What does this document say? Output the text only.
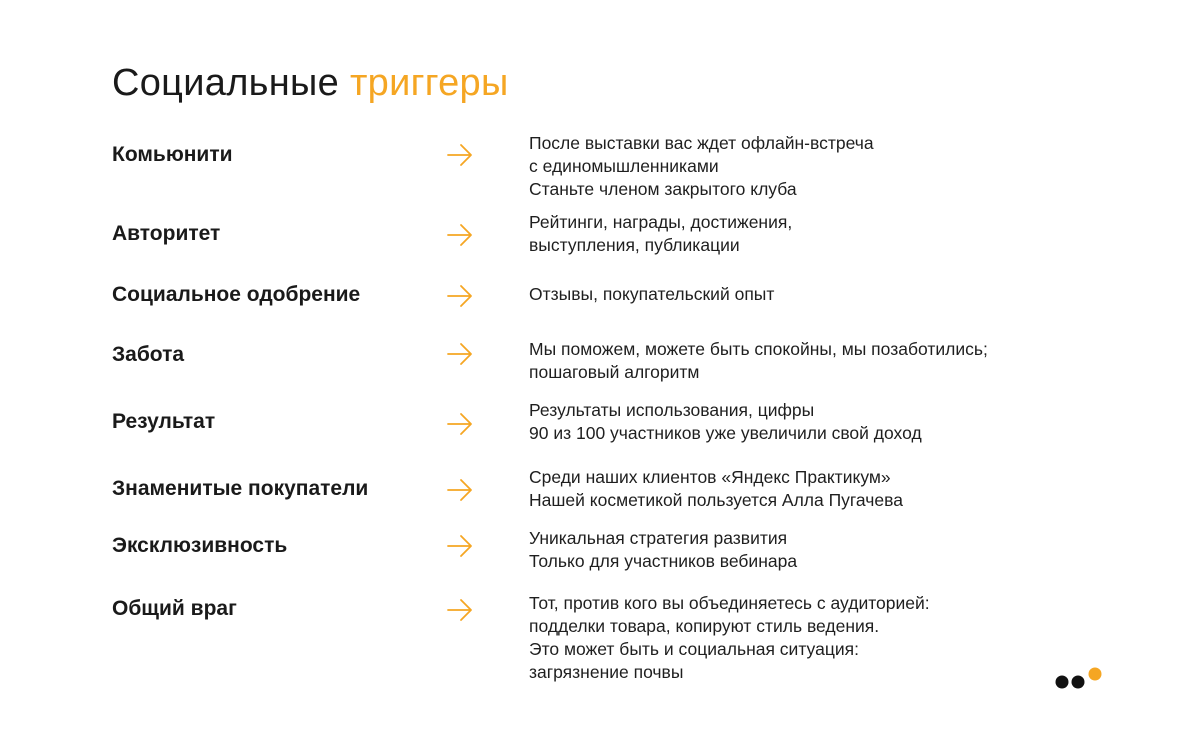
Социальные триггеры
Комьюнити	После выставки вас ждет офлайн-встреча
с единомышленниками
Станьте членом закрытого клуба
Авторитет	Рейтинги, награды, достижения,
выступления, публикации
Социальное одобрение	Отзывы, покупательский опыт
Забота	Мы поможем, можете быть спокойны, мы позаботились;
пошаговый алгоритм
Результат	Результаты использования, цифры
90 из 100 участников уже увеличили свой доход
Знаменитые покупатели	Среди наших клиентов «Яндекс Практикум»
Нашей косметикой пользуется Алла Пугачева
Эксклюзивность	Уникальная стратегия развития
Только для участников вебинара
Общий враг	Тот, против кого вы объединяетесь с аудиторией:
подделки товара, копируют стиль ведения.
Это может быть и социальная ситуация:
загрязнение почвы
